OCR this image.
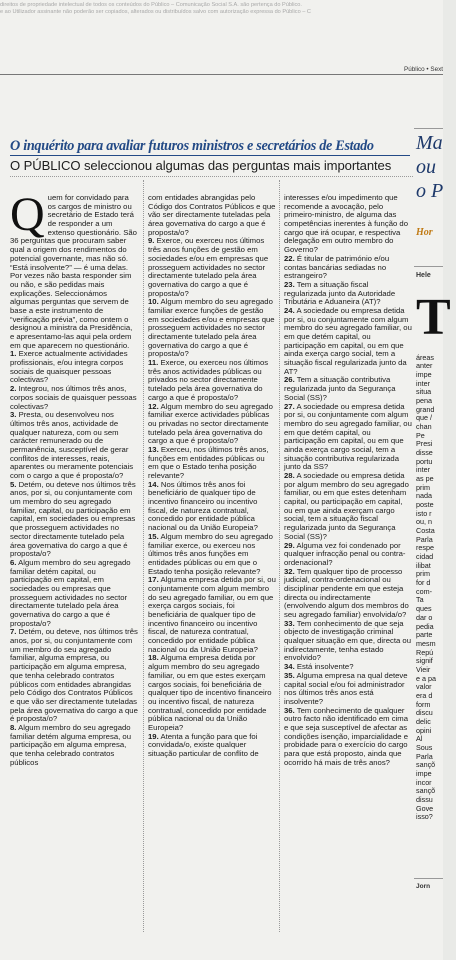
direitos de propriedade intelectual de todos os conteúdos do Público – Comunicação Social S.A. são pertença do Público.
e ao Utilizador assinante não poderão ser copiados, alterados ou distribuídos salvo com autorização expressa do Público – C
Público • Sext
O inquérito para avaliar futuros ministros e secretários de Estado
O PÚBLICO seleccionou algumas das perguntas mais importantes

Quem for convidado para os cargos de ministro ou secretário de Estado terá de responder a um extenso questionário. São 36 perguntas que procuram saber qual a origem dos rendimentos do potencial governante, mas não só. “Está insolvente?” — é uma delas. Por vezes não basta responder sim ou não, e são pedidas mais explicações. Seleccionámos algumas perguntas que servem de base a este instrumento de “verificação prévia”, como ontem o designou a ministra da Presidência, e apresentamo-las aqui pela ordem em que aparecem no questionário.

1. Exerce actualmente actividades profissionais, e/ou integra corpos sociais de quaisquer pessoas colectivas?

2. Integrou, nos últimos três anos, corpos sociais de quaisquer pessoas colectivas?

3. Presta, ou desenvolveu nos últimos três anos, actividade de qualquer natureza, com ou sem carácter remunerado ou de permanência, susceptível de gerar conflitos de interesses, reais, aparentes ou meramente potenciais com o cargo a que é proposta/o?

5. Detém, ou deteve nos últimos três anos, por si, ou conjuntamente com um membro do seu agregado familiar, capital, ou participação em capital, em sociedades ou empresas que prosseguem actividades no sector directamente tutelado pela área governativa do cargo a que é proposta/o?

6. Algum membro do seu agregado familiar detém capital, ou participação em capital, em sociedades ou empresas que prosseguem actividades no sector directamente tutelado pela área governativa do cargo a que é proposta/o?

7. Detém, ou deteve, nos últimos três anos, por si, ou conjuntamente com um membro do seu agregado familiar, alguma empresa, ou participação em alguma empresa, que tenha celebrado contratos públicos com entidades abrangidas pelo Código dos Contratos Públicos e que vão ser directamente tuteladas pela área governativa do cargo a que é proposta/o?

8. Algum membro do seu agregado familiar detém alguma empresa, ou participação em alguma empresa, que tenha celebrado contratos públicos

com entidades abrangidas pelo Código dos Contratos Públicos e que vão ser directamente tuteladas pela área governativa do cargo a que é proposta/o?

9. Exerce, ou exerceu nos últimos três anos funções de gestão em sociedades e/ou em empresas que prosseguem actividades no sector directamente tutelado pela área governativa do cargo a que é proposta/o?

10. Algum membro do seu agregado familiar exerce funções de gestão em sociedades e/ou e empresas que prosseguem actividades no sector directamente tutelado pela área governativa do cargo a que é proposta/o?

11. Exerce, ou exerceu nos últimos três anos actividades públicas ou privados no sector directamente tutelado pela área governativa do cargo a que é proposta/o?

12. Algum membro do seu agregado familiar exerce actividades públicas ou privadas no sector directamente tutelado pela área governativa do cargo a que é proposta/o?

13. Exerceu, nos últimos três anos, funções em entidades públicas ou em que o Estado tenha posição relevante?

14. Nos últimos três anos foi beneficiário de qualquer tipo de incentivo financeiro ou incentivo fiscal, de natureza contratual, concedido por entidade pública nacional ou da União Europeia?

15. Algum membro do seu agregado familiar exerce, ou exerceu nos últimos três anos funções em entidades públicas ou em que o Estado tenha posição relevante?

17. Alguma empresa detida por si, ou conjuntamente com algum membro do seu agregado familiar, ou em que exerça cargos sociais, foi beneficiária de qualquer tipo de incentivo financeiro ou incentivo fiscal, de natureza contratual, concedido por entidade pública nacional ou da União Europeia?

18. Alguma empresa detida por algum membro do seu agregado familiar, ou em que estes exerçam cargos sociais, foi beneficiária de qualquer tipo de incentivo financeiro ou incentivo fiscal, de natureza contratual, concedido por entidade pública nacional ou da União Europeia?

19. Atenta a função para que foi convidada/o, existe qualquer situação particular de conflito de

interesses e/ou impedimento que recomende a avocação, pelo primeiro-ministro, de alguma das competências inerentes à função do cargo que irá ocupar, e respectiva delegação em outro membro do Governo?

22. É titular de património e/ou contas bancárias sediadas no estrangeiro?

23. Tem a situação fiscal regularizada junto da Autoridade Tributária e Aduaneira (AT)?

24. A sociedade ou empresa detida por si, ou conjuntamente com algum membro do seu agregado familiar, ou em que detém capital, ou participação em capital, ou em que ainda exerça cargo social, tem a situação fiscal regularizada junto da AT?

26. Tem a situação contributiva regularizada junto da Segurança Social (SS)?

27. A sociedade ou empresa detida por si, ou conjuntamente com algum membro do seu agregado familiar, ou em que detém capital, ou participação em capital, ou em que ainda exerça cargo social, tem a situação contributiva regularizada junto da SS?

28. A sociedade ou empresa detida por algum membro do seu agregado familiar, ou em que estes detenham capital, ou participação em capital, ou em que ainda exerçam cargo social, tem a situação fiscal regularizada junto da Segurança Social (SS)?

29. Alguma vez foi condenado por qualquer infracção penal ou contra-ordenacional?

32. Tem qualquer tipo de processo judicial, contra-ordenacional ou disciplinar pendente em que esteja directa ou indirectamente (envolvendo algum dos membros do seu agregado familiar) envolvida/o?

33. Tem conhecimento de que seja objecto de investigação criminal qualquer situação em que, directa ou indirectamente, tenha estado envolvido?

34. Está insolvente?

35. Alguma empresa na qual deteve capital social e/ou foi administrador nos últimos três anos está insolvente?

36. Tem conhecimento de qualquer outro facto não identificado em cima e que seja susceptível de afectar as condições isenção, imparcialidade e probidade para o exercício do cargo para que está proposto, ainda que ocorrido há mais de três anos?

Ma
ou
o P
Hor
Hele
T
áreas
anter
impe
inter
situa
pena
grand
que /
chan
Pe
Presi
disse
portu
inter
as pe
prim
nada
poste
isto r
ou, n
Costa
Parla
respe
cidad
ilibat
prim
for d
com-
Ta
ques
dar o
pedia
parte
mesm
Repú
signif
Vieir
e a pa
valor
era d
form
discu
delic
opini
Al
Sous
Parla
sançõ
impe
incor
sançõ
dissu
Gove
isso?
Jorn
